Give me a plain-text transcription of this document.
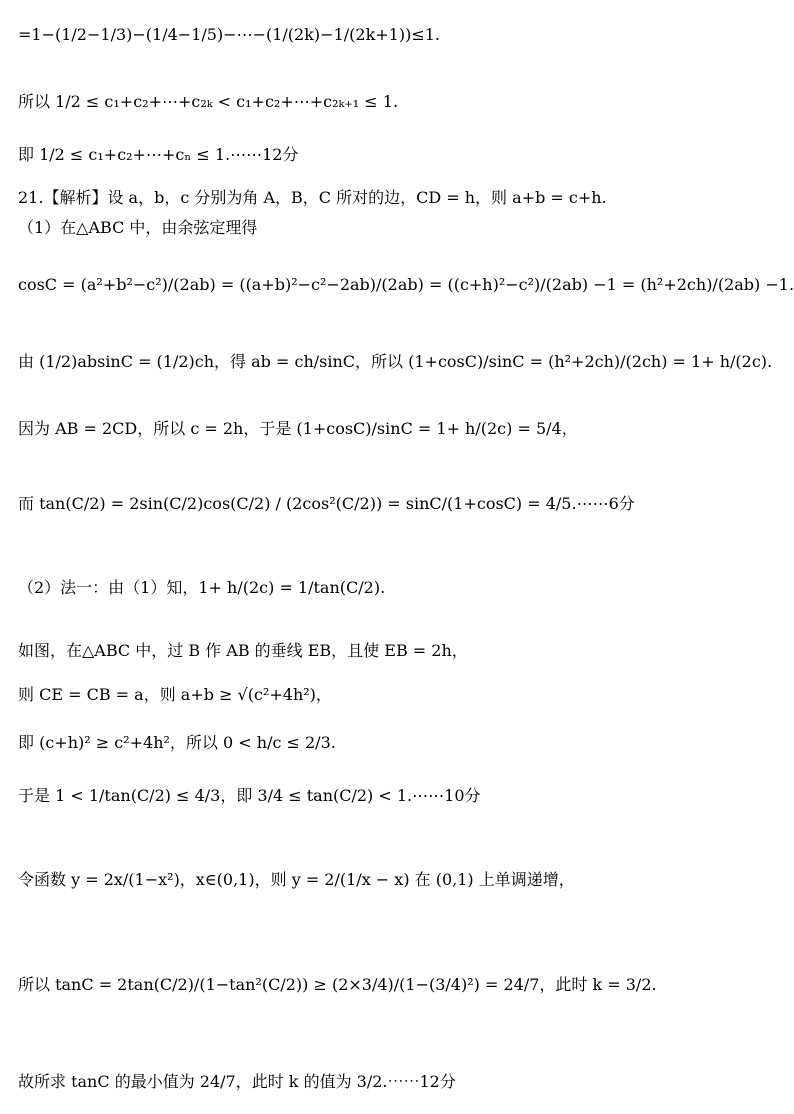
=1−(1/2−1/3)−(1/4−1/5)−⋯−(1/(2k)−1/(2k+1))≤1.
所以 1/2 ≤ c₁+c₂+⋯+c₂ₖ < c₁+c₂+⋯+c₂ₖ₊₁ ≤ 1.
即 1/2 ≤ c₁+c₂+⋯+cₙ ≤ 1.⋯⋯12分
21.【解析】设 a，b，c 分别为角 A，B，C 所对的边，CD = h，则 a+b = c+h.
（1）在△ABC 中，由余弦定理得
cosC = (a²+b²−c²)/(2ab) = ((a+b)²−c²−2ab)/(2ab) = ((c+h)²−c²)/(2ab) −1 = (h²+2ch)/(2ab) −1.
由 (1/2)absinC = (1/2)ch，得 ab = ch/sinC，所以 (1+cosC)/sinC = (h²+2ch)/(2ch) = 1+ h/(2c).
因为 AB = 2CD，所以 c = 2h，于是 (1+cosC)/sinC = 1+ h/(2c) = 5/4，
而 tan(C/2) = 2sin(C/2)cos(C/2) / (2cos²(C/2)) = sinC/(1+cosC) = 4/5.⋯⋯6分
（2）法一：由（1）知，1+ h/(2c) = 1/tan(C/2).
如图，在△ABC 中，过 B 作 AB 的垂线 EB，且使 EB = 2h，
则 CE = CB = a，则 a+b ≥ √(c²+4h²)，
即 (c+h)² ≥ c²+4h²，所以 0 < h/c ≤ 2/3.
于是 1 < 1/tan(C/2) ≤ 4/3，即 3/4 ≤ tan(C/2) < 1.⋯⋯10分
令函数 y = 2x/(1−x²)，x∈(0,1)，则 y = 2/(1/x − x) 在 (0,1) 上单调递增，
所以 tanC = 2tan(C/2)/(1−tan²(C/2)) ≥ (2×3/4)/(1−(3/4)²) = 24/7，此时 k = 3/2.
故所求 tanC 的最小值为 24/7，此时 k 的值为 3/2.⋯⋯12分
